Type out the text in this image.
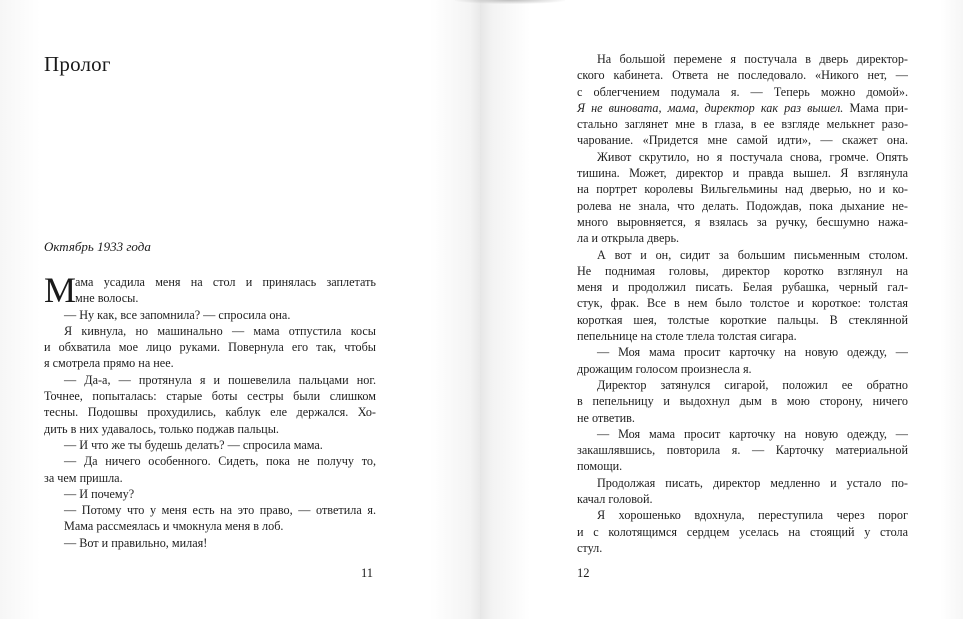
Пролог
Октябрь 1933 года
М
ама усадила меня на стол и принялась заплетать
мне волосы.
— Ну как, все запомнила? — спросила она.
Я кивнула, но машинально — мама отпустила косы
и обхватила мое лицо руками. Повернула его так, чтобы
я смотрела прямо на нее.
— Да-а, — протянула я и пошевелила пальцами ног.
Точнее, попыталась: старые боты сестры были слишком
тесны. Подошвы прохудились, каблук еле держался. Хо-
дить в них удавалось, только поджав пальцы.
— И что же ты будешь делать? — спросила мама.
— Да ничего особенного. Сидеть, пока не получу то,
за чем пришла.
— И почему?
— Потому что у меня есть на это право, — ответила я.
Мама рассмеялась и чмокнула меня в лоб.
— Вот и правильно, милая!
На большой перемене я постучала в дверь директор-
ского кабинета. Ответа не последовало. «Никого нет, —
с облегчением подумала я. — Теперь можно домой».
Я не виновата, мама, директор как раз вышел. Мама при-
стально заглянет мне в глаза, в ее взгляде мелькнет разо-
чарование. «Придется мне самой идти», — скажет она.
Живот скрутило, но я постучала снова, громче. Опять
тишина. Может, директор и правда вышел. Я взглянула
на портрет королевы Вильгельмины над дверью, но и ко-
ролева не знала, что делать. Подождав, пока дыхание не-
много выровняется, я взялась за ручку, бесшумно нажа-
ла и открыла дверь.
А вот и он, сидит за большим письменным столом.
Не поднимая головы, директор коротко взглянул на
меня и продолжил писать. Белая рубашка, черный гал-
стук, фрак. Все в нем было толстое и короткое: толстая
короткая шея, толстые короткие пальцы. В стеклянной
пепельнице на столе тлела толстая сигара.
— Моя мама просит карточку на новую одежду, —
дрожащим голосом произнесла я.
Директор затянулся сигарой, положил ее обратно
в пепельницу и выдохнул дым в мою сторону, ничего
не ответив.
— Моя мама просит карточку на новую одежду, —
закашлявшись, повторила я. — Карточку материальной
помощи.
Продолжая писать, директор медленно и устало по-
качал головой.
Я хорошенько вдохнула, переступила через порог
и с колотящимся сердцем уселась на стоящий у стола
стул.
11	12
